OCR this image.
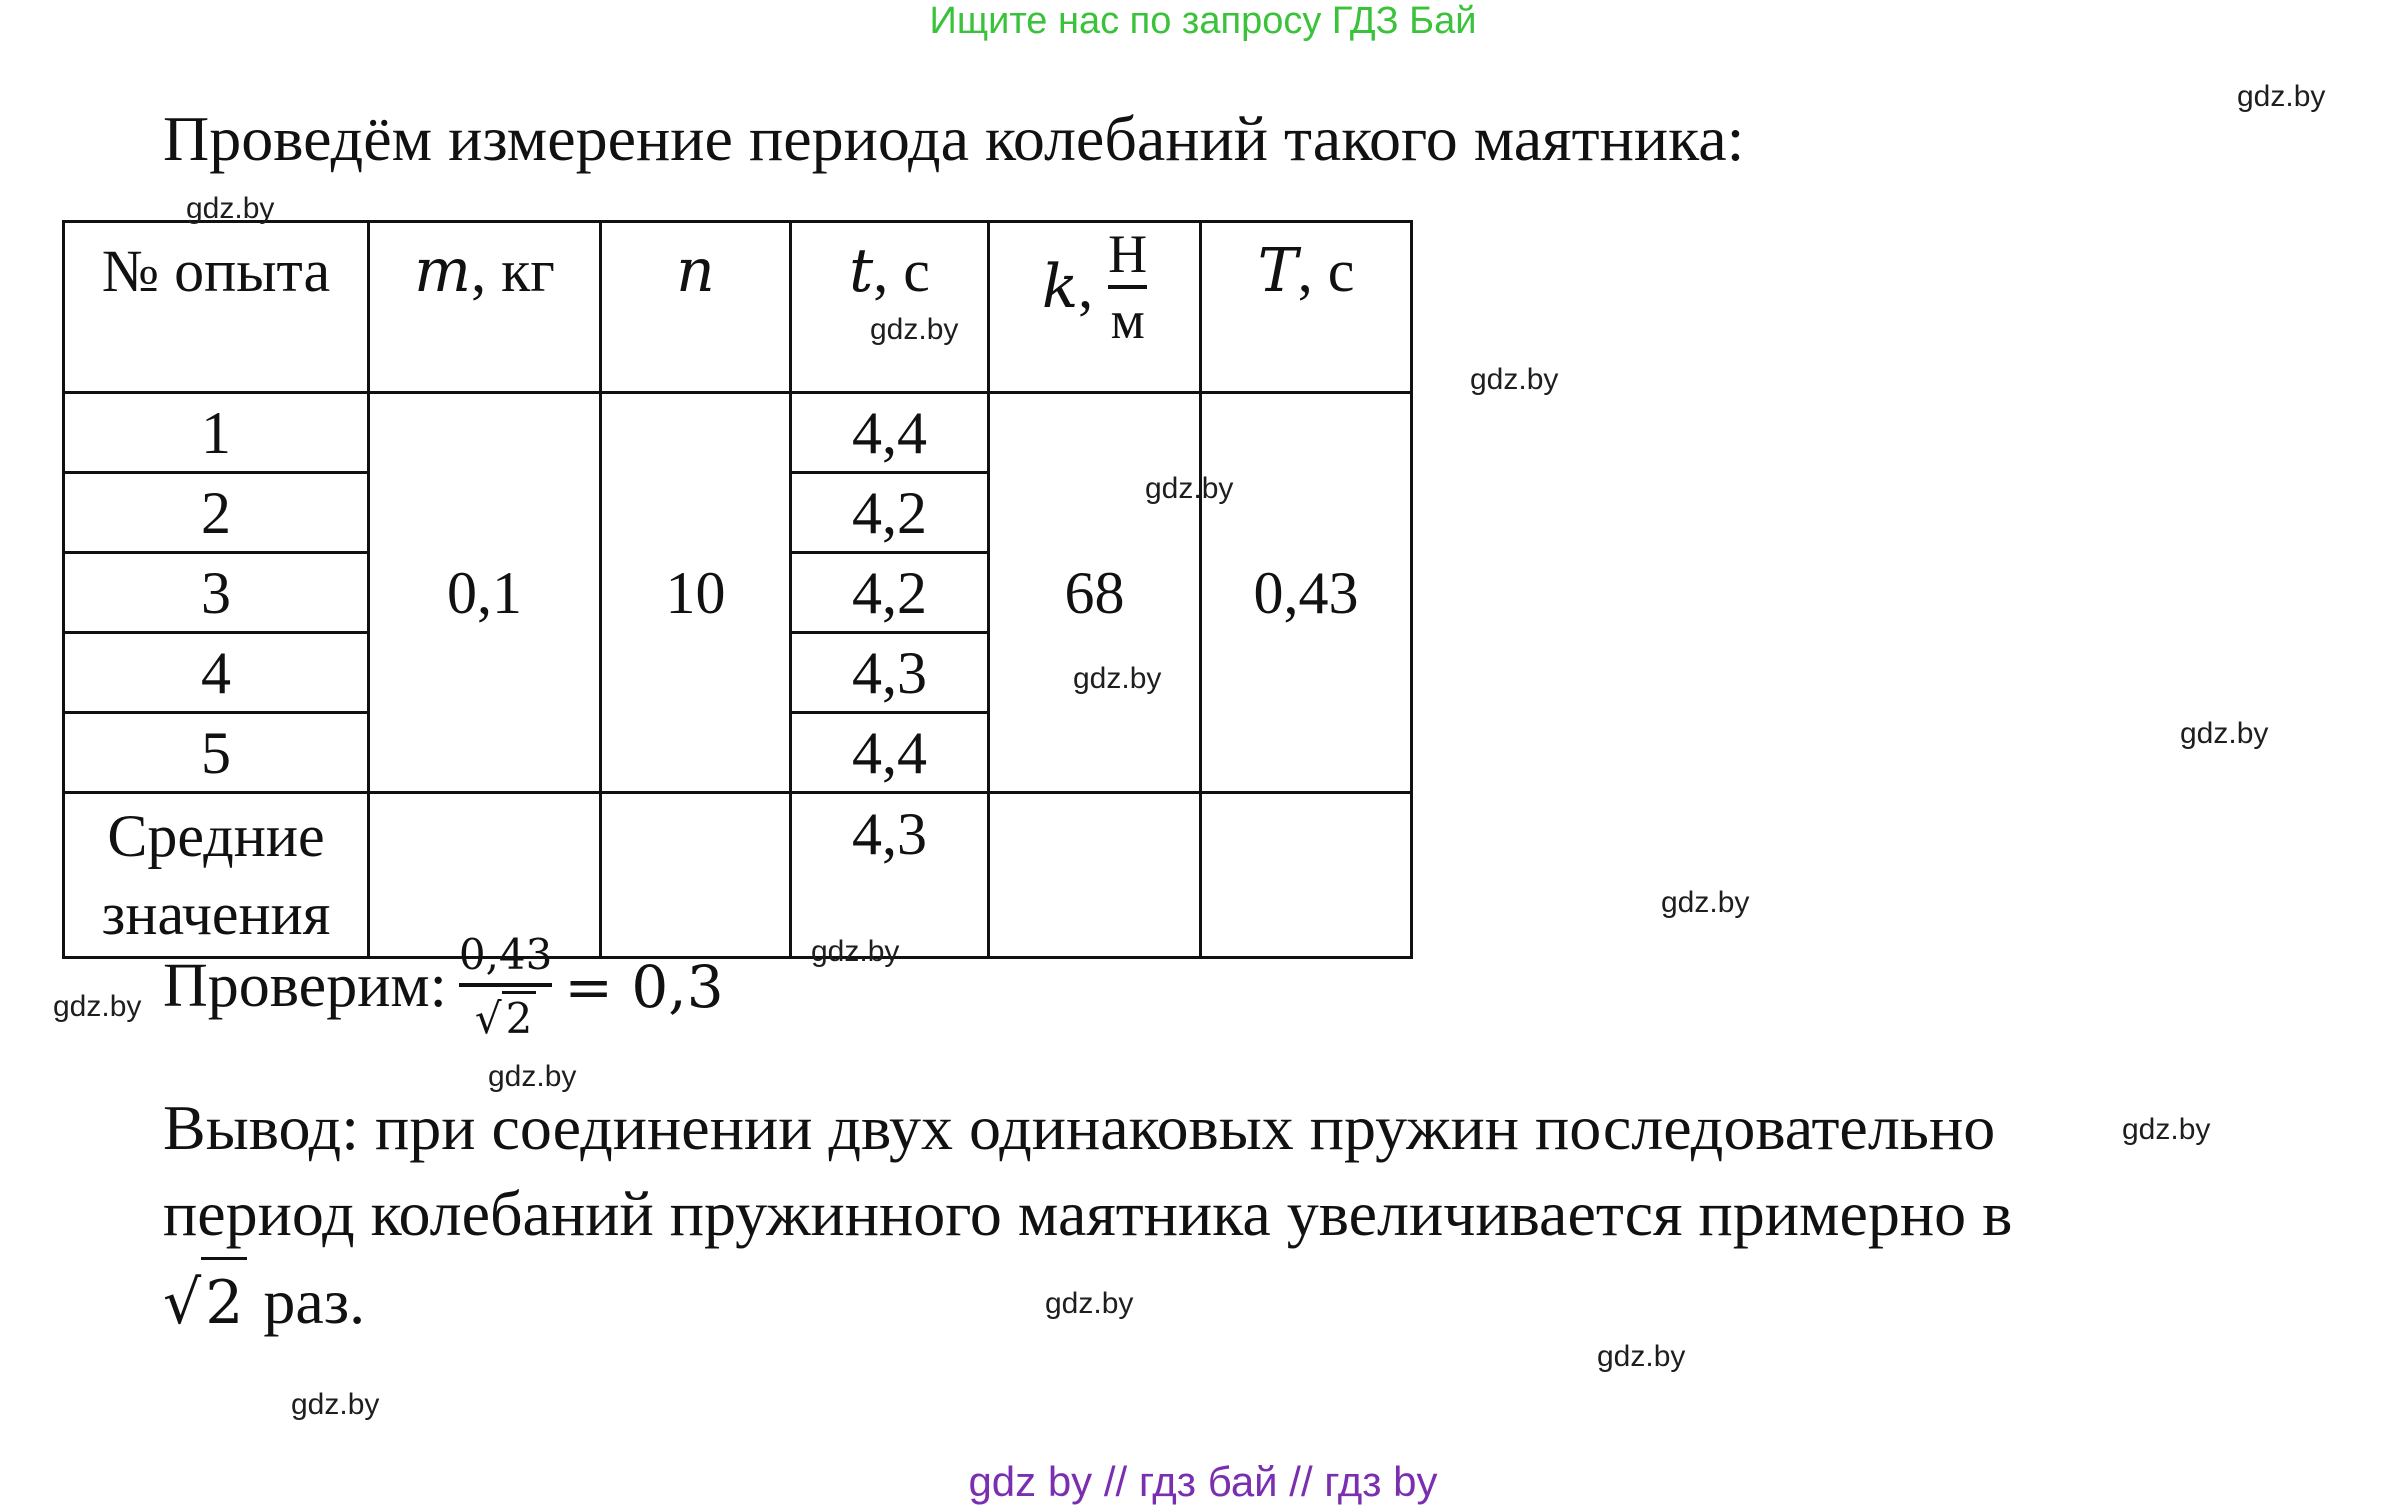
Ищите нас по запросу ГДЗ Бай
Проведём измерение периода колебаний такого маятника:
№ опыта	m, кг	n	t, с	k, $\frac{Н}{м}$	T, с
1	0,1	10	4,4	68	0,43
2			4,2		
3			4,2		
4			4,3		
5			4,4		

Средние
значения			4,3		
Проверим: $\frac{0,43}{√ 2} = 0,3$
Вывод: при соединении двух одинаковых пружин последовательно период колебаний пружинного маятника увеличивается примерно в

√ 2 раз.
gdz.by
gdz.by
gdz.by
gdz.by
gdz.by
gdz.by
gdz.by
gdz.by
gdz.by
gdz.by
gdz.by
gdz.by
gdz.by
gdz.by
gdz.by
gdz by // гдз бай // гдз by
